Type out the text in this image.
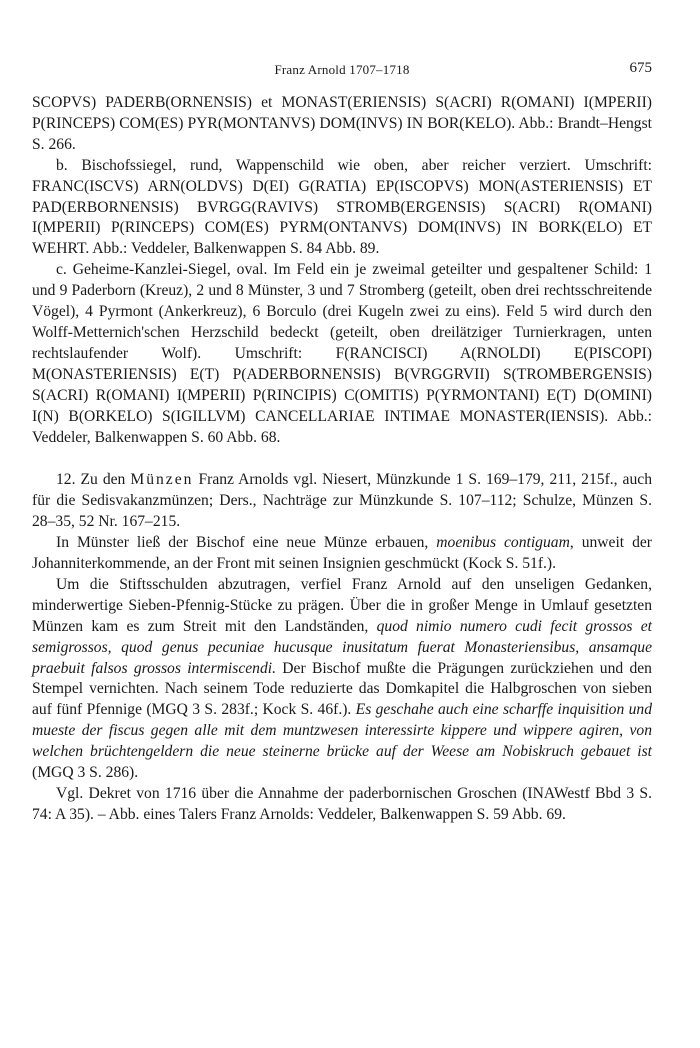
Franz Arnold 1707–1718	675

SCOPVS) PADERB(ORNENSIS) et MONAST(ERIENSIS) S(ACRI) R(OMANI) I(MPERII) P(RINCEPS) COM(ES) PYR(MONTANVS) DOM(INVS) IN BOR(KELO). Abb.: Brandt–Hengst S. 266.

b. Bischofssiegel, rund, Wappenschild wie oben, aber reicher verziert. Umschrift: FRANC(ISCVS) ARN(OLDVS) D(EI) G(RATIA) EP(ISCOPVS) MON(ASTERIENSIS) ET PAD(ERBORNENSIS) BVRGG(RAVIVS) STROMB(ERGENSIS) S(ACRI) R(OMANI) I(MPERII) P(RINCEPS) COM(ES) PYRM(ONTANVS) DOM(INVS) IN BORK(ELO) ET WEHRT. Abb.: Veddeler, Balkenwappen S. 84 Abb. 89.

c. Geheime-Kanzlei-Siegel, oval. Im Feld ein je zweimal geteilter und gespaltener Schild: 1 und 9 Paderborn (Kreuz), 2 und 8 Münster, 3 und 7 Stromberg (geteilt, oben drei rechtsschreitende Vögel), 4 Pyrmont (Ankerkreuz), 6 Borculo (drei Kugeln zwei zu eins). Feld 5 wird durch den Wolff-Metternich'schen Herzschild bedeckt (geteilt, oben dreilätziger Turnierkragen, unten rechtslaufender Wolf). Umschrift: F(RANCISCI) A(RNOLDI) E(PISCOPI) M(ONASTERIENSIS) E(T) P(ADERBORNENSIS) B(VRGGRVII) S(TROMBERGENSIS) S(ACRI) R(OMANI) I(MPERII) P(RINCIPIS) C(OMITIS) P(YRMONTANI) E(T) D(OMINI) I(N) B(ORKELO) S(IGILLVM) CANCELLARIAE INTIMAE MONASTER(IENSIS). Abb.: Veddeler, Balkenwappen S. 60 Abb. 68.

12. Zu den Münzen Franz Arnolds vgl. Niesert, Münzkunde 1 S. 169–179, 211, 215f., auch für die Sedisvakanzmünzen; Ders., Nachträge zur Münzkunde S. 107–112; Schulze, Münzen S. 28–35, 52 Nr. 167–215.

In Münster ließ der Bischof eine neue Münze erbauen, moenibus contiguam, unweit der Johanniterkommende, an der Front mit seinen Insignien geschmückt (Kock S. 51f.).

Um die Stiftsschulden abzutragen, verfiel Franz Arnold auf den unseligen Gedanken, minderwertige Sieben-Pfennig-Stücke zu prägen. Über die in großer Menge in Umlauf gesetzten Münzen kam es zum Streit mit den Landständen, quod nimio numero cudi fecit grossos et semigrossos, quod genus pecuniae hucusque inusitatum fuerat Monasteriensibus, ansamque praebuit falsos grossos intermiscendi. Der Bischof mußte die Prägungen zurückziehen und den Stempel vernichten. Nach seinem Tode reduzierte das Domkapitel die Halbgroschen von sieben auf fünf Pfennige (MGQ 3 S. 283f.; Kock S. 46f.). Es geschahe auch eine scharffe inquisition und mueste der fiscus gegen alle mit dem muntzwesen interessirte kippere und wippere agiren, von welchen brüchtengeldern die neue steinerne brücke auf der Weese am Nobiskruch gebauet ist (MGQ 3 S. 286).

Vgl. Dekret von 1716 über die Annahme der paderbornischen Groschen (INAWestf Bbd 3 S. 74: A 35). – Abb. eines Talers Franz Arnolds: Veddeler, Balkenwappen S. 59 Abb. 69.
